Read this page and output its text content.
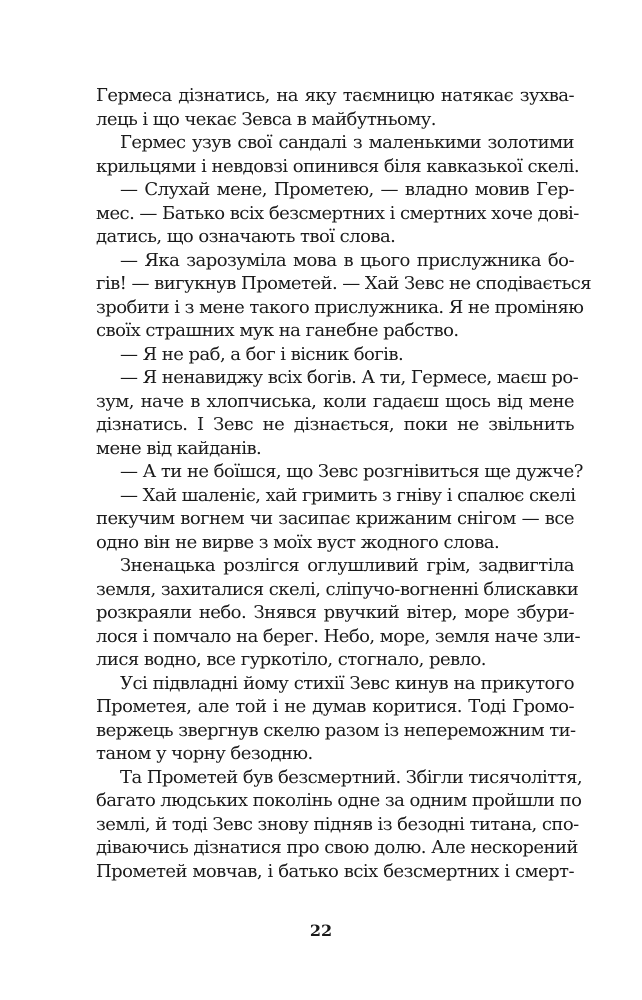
Гермеса дізнатись, на яку таємницю натякає зухва-
лець і що чекає Зевса в майбутньому.
Гермес узув свої сандалі з маленькими золотими
крильцями і невдовзі опинився біля кавказької скелі.
— Слухай мене, Прометею, — владно мовив Гер-
мес. — Батько всіх безсмертних і смертних хоче дові-
датись, що означають твої слова.
— Яка зарозуміла мова в цього прислужника бо-
гів! — вигукнув Прометей. — Хай Зевс не сподівається
зробити і з мене такого прислужника. Я не проміняю
своїх страшних мук на ганебне рабство.
— Я не раб, а бог і вісник богів.
— Я ненавиджу всіх богів. А ти, Гермесе, маєш ро-
зум, наче в хлопчиська, коли гадаєш щось від мене
дізнатись. І Зевс не дізнається, поки не звільнить
мене від кайданів.
— А ти не боїшся, що Зевс розгнівиться ще дужче?
— Хай шаленіє, хай гримить з гніву і спалює скелі
пекучим вогнем чи засипає крижаним снігом — все
одно він не вирве з моїх вуст жодного слова.
Зненацька розлігся оглушливий грім, задвигтіла
земля, захиталися скелі, сліпучо-вогненні блискавки
розкраяли небо. Знявся рвучкий вітер, море збури-
лося і помчало на берег. Небо, море, земля наче зли-
лися водно, все гуркотіло, стогнало, ревло.
Усі підвладні йому стихії Зевс кинув на прикутого
Прометея, але той і не думав коритися. Тоді Громо-
вержець звергнув скелю разом із непереможним ти-
таном у чорну безодню.
Та Прометей був безсмертний. Збігли тисячоліття,
багато людських поколінь одне за одним пройшли по
землі, й тоді Зевс знову підняв із безодні титана, спо-
діваючись дізнатися про свою долю. Але нескорений
Прометей мовчав, і батько всіх безсмертних і смерт-
22
